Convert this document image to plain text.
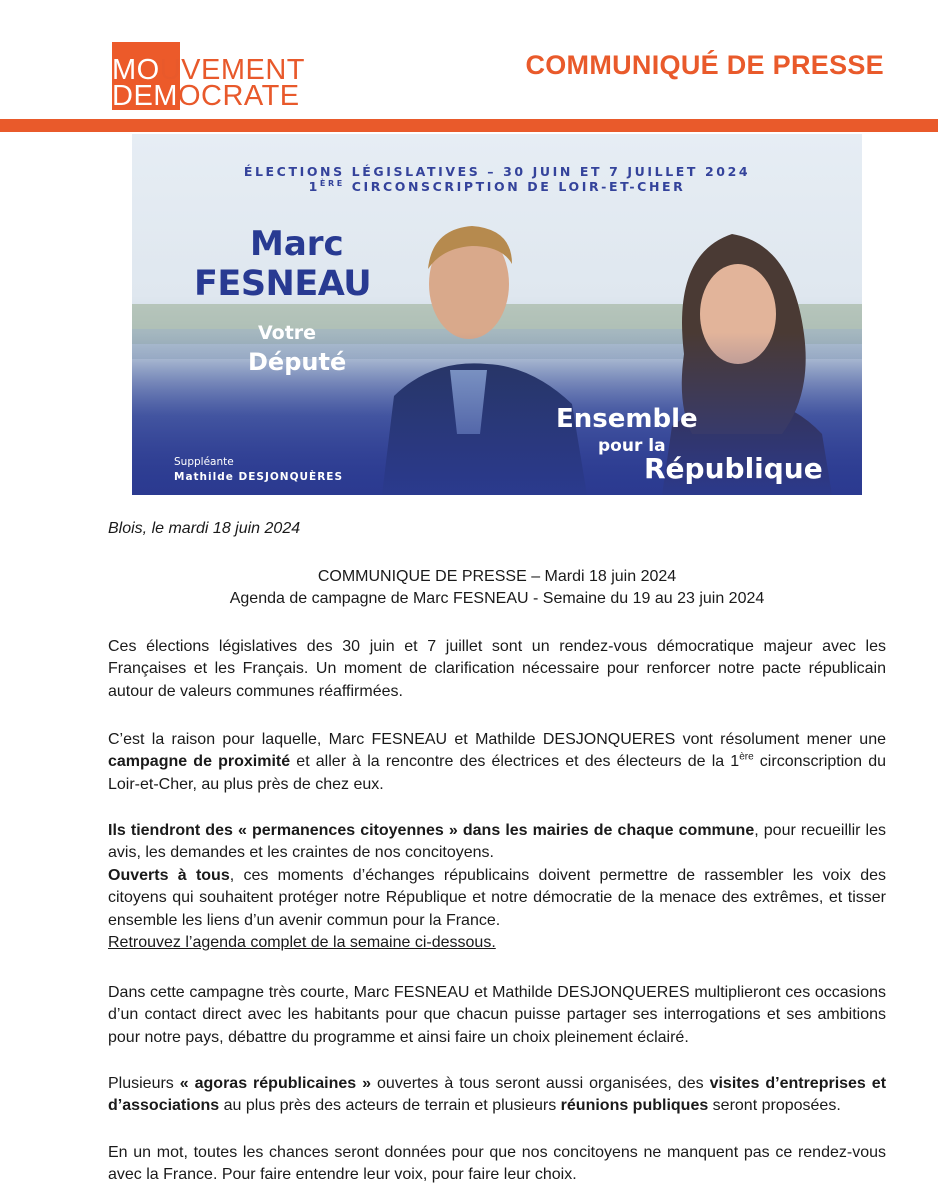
MOUVEMENT
DEMOCRATE
COMMUNIQUÉ DE PRESSE
ÉLECTIONS LÉGISLATIVES – 30 JUIN ET 7 JUILLET 2024
1ÈRE CIRCONSCRIPTION DE LOIR-ET-CHER
Marc
FESNEAU
Votre
Député
Ensemble
pour la
République
Suppléante
Mathilde DESJONQUÈRES
Blois, le mardi 18 juin 2024
COMMUNIQUE DE PRESSE – Mardi 18 juin 2024
Agenda de campagne de Marc FESNEAU - Semaine du 19 au 23 juin 2024
Ces élections législatives des 30 juin et 7 juillet sont un rendez-vous démocratique majeur avec les Françaises et les Français. Un moment de clarification nécessaire pour renforcer notre pacte républicain autour de valeurs communes réaffirmées.
C’est la raison pour laquelle, Marc FESNEAU et Mathilde DESJONQUERES vont résolument mener une campagne de proximité et aller à la rencontre des électrices et des électeurs de la 1ère circonscription du Loir-et-Cher, au plus près de chez eux.
Ils tiendront des « permanences citoyennes » dans les mairies de chaque commune, pour recueillir les avis, les demandes et les craintes de nos concitoyens.
Ouverts à tous, ces moments d’échanges républicains doivent permettre de rassembler les voix des citoyens qui souhaitent protéger notre République et notre démocratie de la menace des extrêmes, et tisser ensemble les liens d’un avenir commun pour la France.
Retrouvez l’agenda complet de la semaine ci-dessous.
Dans cette campagne très courte, Marc FESNEAU et Mathilde DESJONQUERES multiplieront ces occasions d’un contact direct avec les habitants pour que chacun puisse partager ses interrogations et ses ambitions pour notre pays, débattre du programme et ainsi faire un choix pleinement éclairé.
Plusieurs « agoras républicaines » ouvertes à tous seront aussi organisées, des visites d’entreprises et d’associations au plus près des acteurs de terrain et plusieurs réunions publiques seront proposées.
En un mot, toutes les chances seront données pour que nos concitoyens ne manquent pas ce rendez-vous avec la France. Pour faire entendre leur voix, pour faire leur choix.
